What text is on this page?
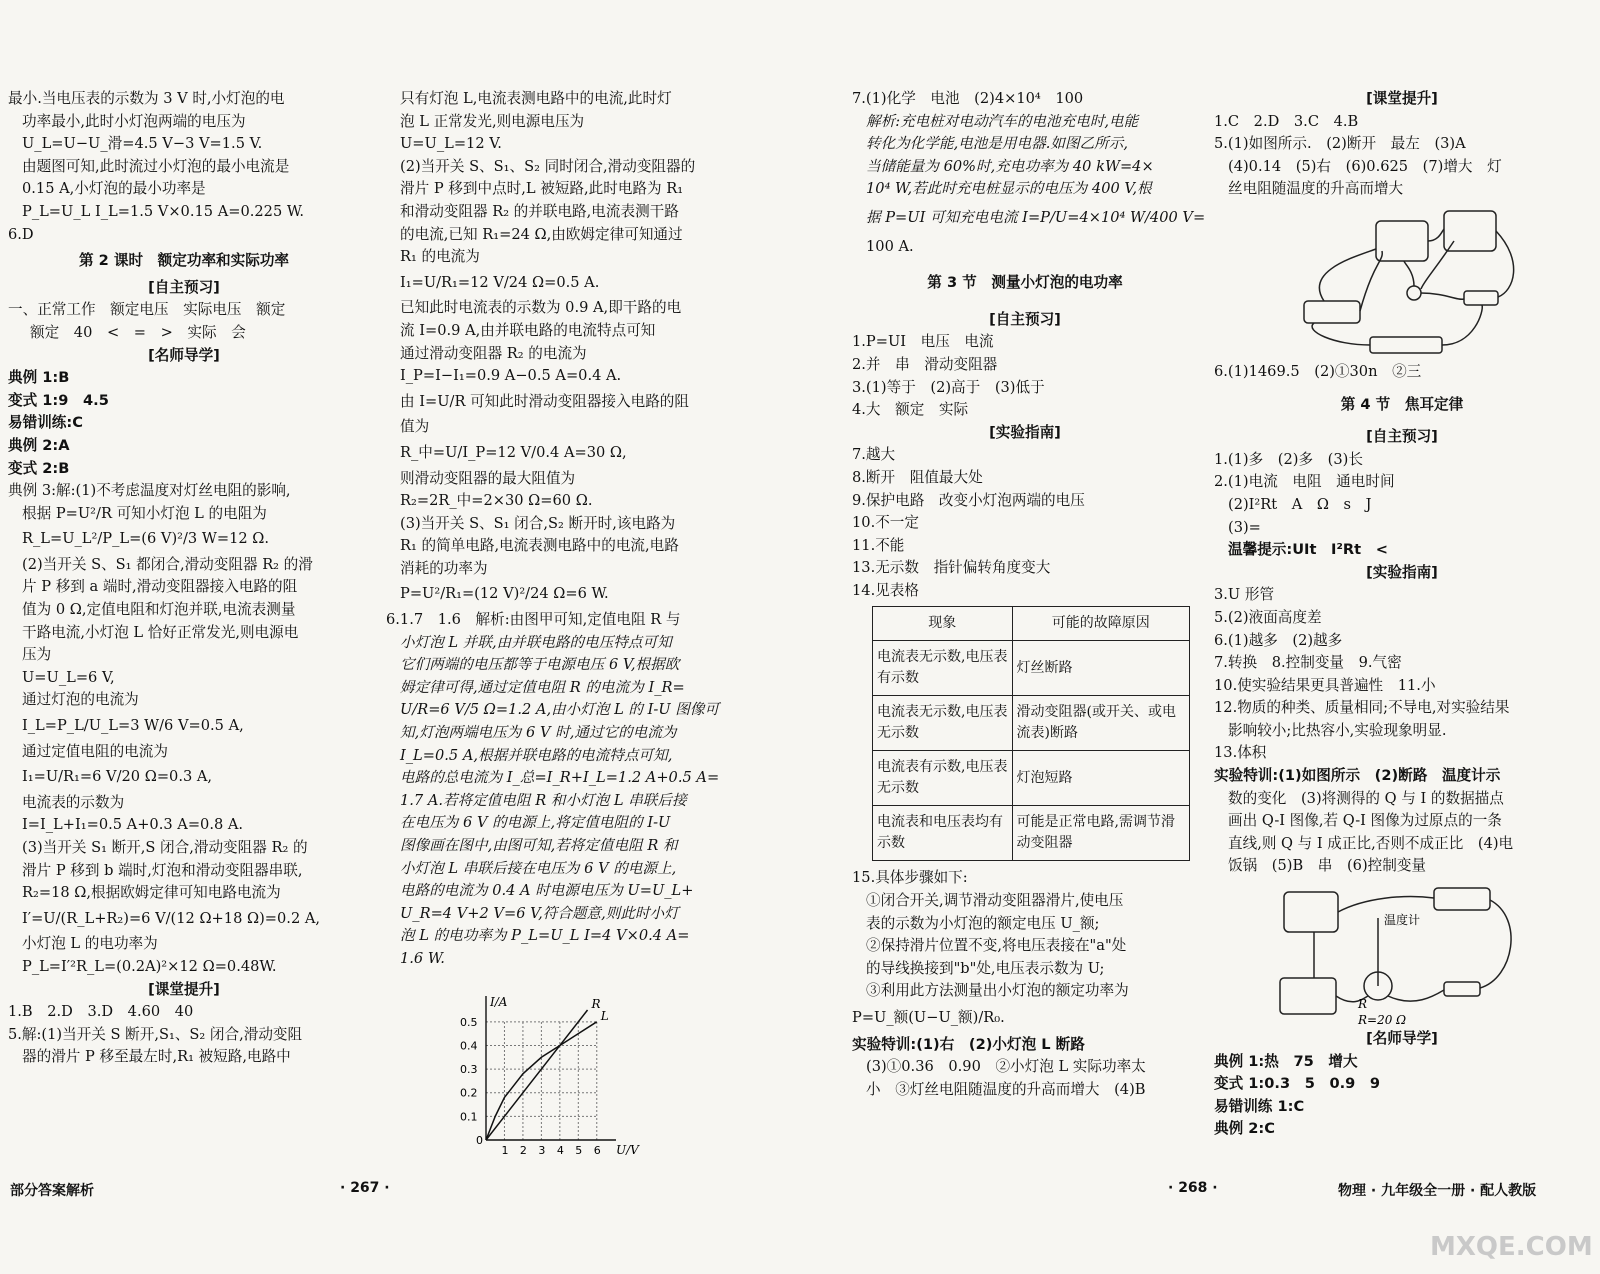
最小.当电压表的示数为 3 V 时,小灯泡的电

功率最小,此时小灯泡两端的电压为

U_L=U−U_滑=4.5 V−3 V=1.5 V.

由题图可知,此时流过小灯泡的最小电流是

0.15 A,小灯泡的最小功率是

P_L=U_L I_L=1.5 V×0.15 A=0.225 W.

6.D

第 2 课时　额定功率和实际功率

[自主预习]

一、正常工作　额定电压　实际电压　额定

额定　40　<　=　>　实际　会

[名师导学]

典例 1:B

变式 1:9　4.5

易错训练:C

典例 2:A

变式 2:B

典例 3:解:(1)不考虑温度对灯丝电阻的影响,

根据 P=U²/R 可知小灯泡 L 的电阻为

R_L=U_L²/P_L=(6 V)²/3 W=12 Ω.

(2)当开关 S、S₁ 都闭合,滑动变阻器 R₂ 的滑

片 P 移到 a 端时,滑动变阻器接入电路的阻

值为 0 Ω,定值电阻和灯泡并联,电流表测量

干路电流,小灯泡 L 恰好正常发光,则电源电

压为

U=U_L=6 V,

通过灯泡的电流为

I_L=P_L/U_L=3 W/6 V=0.5 A,

通过定值电阻的电流为

I₁=U/R₁=6 V/20 Ω=0.3 A,

电流表的示数为

I=I_L+I₁=0.5 A+0.3 A=0.8 A.

(3)当开关 S₁ 断开,S 闭合,滑动变阻器 R₂ 的

滑片 P 移到 b 端时,灯泡和滑动变阻器串联,

R₂=18 Ω,根据欧姆定律可知电路电流为

I′=U/(R_L+R₂)=6 V/(12 Ω+18 Ω)=0.2 A,

小灯泡 L 的电功率为

P_L=I′²R_L=(0.2A)²×12 Ω=0.48W.

[课堂提升]

1.B　2.D　3.D　4.60　40

5.解:(1)当开关 S 断开,S₁、S₂ 闭合,滑动变阻

器的滑片 P 移至最左时,R₁ 被短路,电路中

只有灯泡 L,电流表测电路中的电流,此时灯

泡 L 正常发光,则电源电压为

U=U_L=12 V.

(2)当开关 S、S₁、S₂ 同时闭合,滑动变阻器的

滑片 P 移到中点时,L 被短路,此时电路为 R₁

和滑动变阻器 R₂ 的并联电路,电流表测干路

的电流,已知 R₁=24 Ω,由欧姆定律可知通过

R₁ 的电流为

I₁=U/R₁=12 V/24 Ω=0.5 A.

已知此时电流表的示数为 0.9 A,即干路的电

流 I=0.9 A,由并联电路的电流特点可知

通过滑动变阻器 R₂ 的电流为

I_P=I−I₁=0.9 A−0.5 A=0.4 A.

由 I=U/R 可知此时滑动变阻器接入电路的阻

值为

R_中=U/I_P=12 V/0.4 A=30 Ω,

则滑动变阻器的最大阻值为

R₂=2R_中=2×30 Ω=60 Ω.

(3)当开关 S、S₁ 闭合,S₂ 断开时,该电路为

R₁ 的简单电路,电流表测电路中的电流,电路

消耗的功率为

P=U²/R₁=(12 V)²/24 Ω=6 W.

6.1.7　1.6　解析:由图甲可知,定值电阻 R 与

小灯泡 L 并联,由并联电路的电压特点可知

它们两端的电压都等于电源电压 6 V,根据欧

姆定律可得,通过定值电阻 R 的电流为 I_R=

U/R=6 V/5 Ω=1.2 A,由小灯泡 L 的 I-U 图像可

知,灯泡两端电压为 6 V 时,通过它的电流为

I_L=0.5 A,根据并联电路的电流特点可知,

电路的总电流为 I_总=I_R+I_L=1.2 A+0.5 A=

1.7 A.若将定值电阻 R 和小灯泡 L 串联后接

在电压为 6 V 的电源上,将定值电阻的 I-U

图像画在图中,由图可知,若将定值电阻 R 和

小灯泡 L 串联后接在电压为 6 V 的电源上,

电路的电流为 0.4 A 时电源电压为 U=U_L+

U_R=4 V+2 V=6 V,符合题意,则此时小灯

泡 L 的电功率为 P_L=U_L I=4 V×0.4 A=

1.6 W.

1 2 3 4 5 6
0.1
0.2
0.3
0.4
0.5
0
U/V
I/A	R
L

7.(1)化学　电池　(2)4×10⁴　100

解析:充电桩对电动汽车的电池充电时,电能

转化为化学能,电池是用电器.如图乙所示,

当储能量为 60%时,充电功率为 40 kW=4×

10⁴ W,若此时充电桩显示的电压为 400 V,根

据 P=UI 可知充电电流 I=P/U=4×10⁴ W/400 V=

100 A.

第 3 节　测量小灯泡的电功率

[自主预习]

1.P=UI　电压　电流

2.并　串　滑动变阻器

3.(1)等于　(2)高于　(3)低于

4.大　额定　实际

[实验指南]

7.越大

8.断开　阻值最大处

9.保护电路　改变小灯泡两端的电压

10.不一定

11.不能

13.无示数　指针偏转角度变大

14.见表格

现象	可能的故障原因
电流表无示数,电压表有示数	灯丝断路
电流表无示数,电压表无示数	滑动变阻器(或开关、或电流表)断路
电流表有示数,电压表无示数	灯泡短路
电流表和电压表均有示数	可能是正常电路,需调节滑动变阻器

15.具体步骤如下:

①闭合开关,调节滑动变阻器滑片,使电压

表的示数为小灯泡的额定电压 U_额;

②保持滑片位置不变,将电压表接在"a"处

的导线换接到"b"处,电压表示数为 U;

③利用此方法测量出小灯泡的额定功率为

P=U_额(U−U_额)/R₀.

实验特训:(1)右　(2)小灯泡 L 断路

(3)①0.36　0.90　②小灯泡 L 实际功率太

小　③灯丝电阻随温度的升高而增大　(4)B

[课堂提升]

1.C　2.D　3.C　4.B

5.(1)如图所示.　(2)断开　最左　(3)A

(4)0.14　(5)右　(6)0.625　(7)增大　灯

丝电阻随温度的升高而增大

6.(1)1469.5　(2)①30n　②三

第 4 节　焦耳定律

[自主预习]

1.(1)多　(2)多　(3)长

2.(1)电流　电阻　通电时间

(2)I²Rt　A　Ω　s　J

(3)=

温馨提示:UIt　I²Rt　<

[实验指南]

3.U 形管

5.(2)液面高度差

6.(1)越多　(2)越多

7.转换　8.控制变量　9.气密

10.使实验结果更具普遍性　11.小

12.物质的种类、质量相同;不导电,对实验结果

影响较小;比热容小,实验现象明显.

13.体积

实验特训:(1)如图所示　(2)断路　温度计示

数的变化　(3)将测得的 Q 与 I 的数据描点

画出 Q-I 图像,若 Q-I 图像为过原点的一条

直线,则 Q 与 I 成正比,否则不成正比　(4)电

饭锅　(5)B　串　(6)控制变量

温度计
R
R=20 Ω

[名师导学]

典例 1:热　75　增大

变式 1:0.3　5　0.9　9

易错训练 1:C

典例 2:C

部分答案解析	· 267 ·	· 268 ·	物理 · 九年级全一册 · 配人教版
MXQE.COM
